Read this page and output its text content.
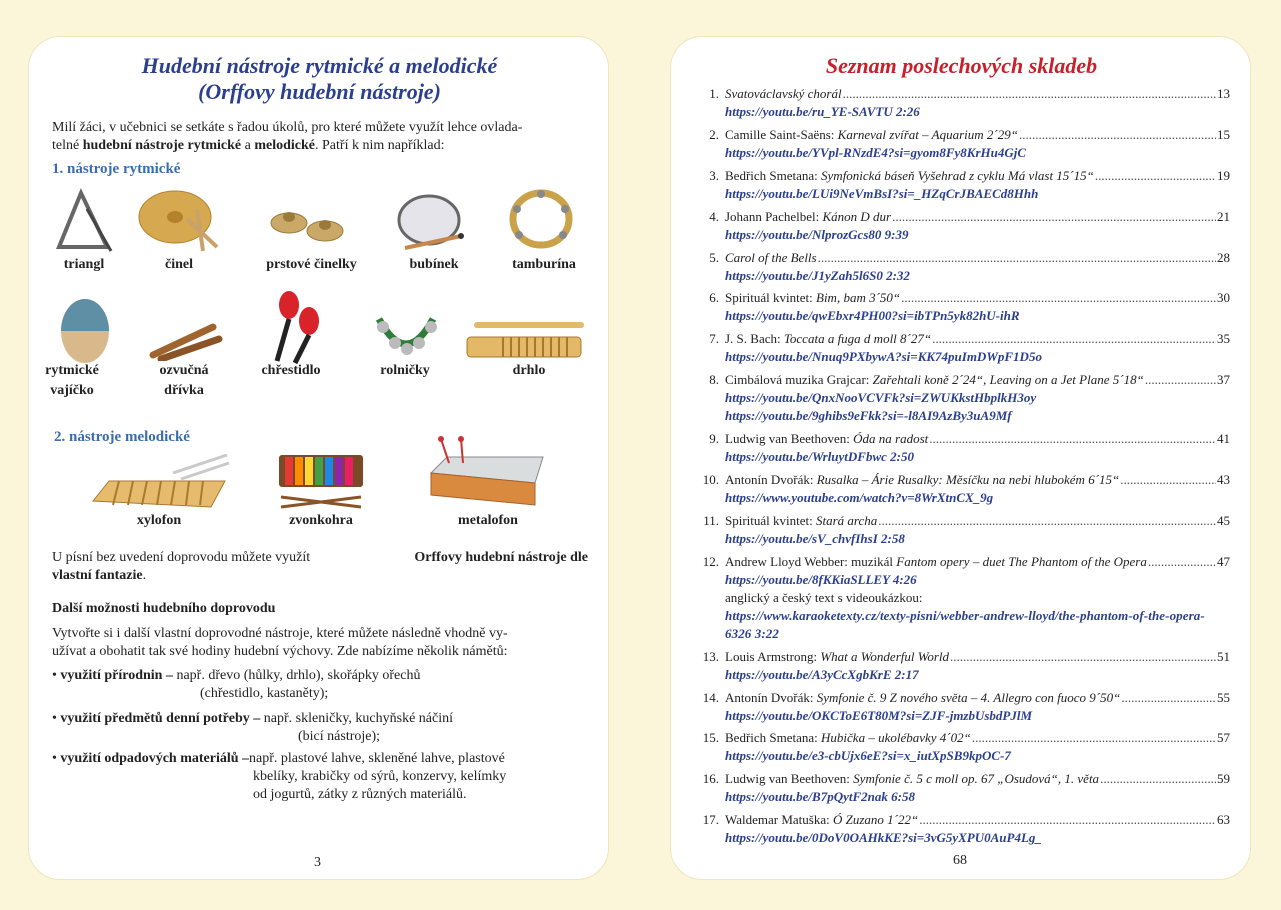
Hudební nástroje rytmické a melodické
(Orffovy hudební nástroje)
Milí žáci, v učebnici se setkáte s řadou úkolů, pro které můžete využít lehce ovlada-
telné hudební nástroje rytmické a melodické. Patří k nim například:
1. nástroje rytmické
triangl	činel	prstové činelky	bubínek	tamburína
rytmické
vajíčko
ozvučná
dřívka
chřestidlo	rolničky	drhlo
2. nástroje melodické
xylofon	zvonkohra	metalofon
U písní bez uvedení doprovodu můžete využít	Orffovy hudební nástroje dle
vlastní fantazie.
Další možnosti hudebního doprovodu
Vytvořte si i další vlastní doprovodné nástroje, které můžete následně vhodně vy-
užívat a obohatit tak své hodiny hudební výchovy. Zde nabízíme několik námětů:
• využití přírodnin – např. dřevo (hůlky, drhlo), skořápky ořechů
(chřestidlo, kastaněty);
• využití předmětů denní potřeby – např. skleničky, kuchyňské náčiní
(bicí nástroje);
• využití odpadových materiálů – např. plastové lahve, skleněné lahve, plastové
kbelíky, krabičky od sýrů, konzervy, kelímky
od jogurtů, zátky z různých materiálů.
3
Seznam poslechových skladeb
1. Svatováclavský chorál .....	13
https://youtu.be/ru_YE-SAVTU 2:26
2. Camille Saint-Saëns: Karneval zvířat – Aquarium 2´29“ .....	15
https://youtu.be/YVpl-RNzdE4?si=gyom8Fy8KrHu4GjC
3. Bedřich Smetana: Symfonická báseň Vyšehrad z cyklu Má vlast 15´15“ .....	19
https://youtu.be/LUi9NeVmBsI?si=_HZqCrJBAECd8Hhh
4. Johann Pachelbel: Kánon D dur .....	21
https://youtu.be/NlprozGcs80 9:39
5. Carol of the Bells .....	28
https://youtu.be/J1yZah5l6S0 2:32
6. Spirituál kvintet: Bim, bam 3´50“ .....	30
https://youtu.be/qwEbxr4PH00?si=ibTPn5yk82hU-ihR
7. J. S. Bach: Toccata a fuga d moll 8´27“ .....	35
https://youtu.be/Nnuq9PXbywA?si=KK74puImDWpF1D5o
8. Cimbálová muzika Grajcar: Zařehtali koně 2´24“, Leaving on a Jet Plane 5´18“ .....	37
https://youtu.be/QnxNooVCVFk?si=ZWUKkstHbplkH3oy
https://youtu.be/9ghibs9eFkk?si=-l8AI9AzBy3uA9Mf
9. Ludwig van Beethoven: Óda na radost .....	41
https://youtu.be/WrluytDFbwc 2:50
10. Antonín Dvořák: Rusalka – Árie Rusalky: Měsíčku na nebi hlubokém 6´15“ .....	43
https://www.youtube.com/watch?v=8WrXtnCX_9g
11. Spirituál kvintet: Stará archa .....	45
https://youtu.be/sV_chvfIhsI 2:58
12. Andrew Lloyd Webber: muzikál Fantom opery – duet The Phantom of the Opera .....	47
https://youtu.be/8fKKiaSLLEY 4:26
anglický a český text s videoukázkou:
https://www.karaoketexty.cz/texty-pisni/webber-andrew-lloyd/the-phantom-of-the-opera-6326 3:22
13. Louis Armstrong: What a Wonderful World .....	51
https://youtu.be/A3yCcXgbKrE 2:17
14. Antonín Dvořák: Symfonie č. 9 Z nového světa – 4. Allegro con fuoco 9´50“ .....	55
https://youtu.be/OKCToE6T80M?si=ZJF-jmzbUsbdPJlM
15. Bedřich Smetana: Hubička – ukolébavky 4´02“ .....	57
https://youtu.be/e3-cbUjx6eE?si=x_iutXpSB9kpOC-7
16. Ludwig van Beethoven: Symfonie č. 5 c moll op. 67 „Osudová“, 1. věta .....	59
https://youtu.be/B7pQytF2nak 6:58
17. Waldemar Matuška: Ó Zuzano 1´22“ .....	63
https://youtu.be/0DoV0OAHkKE?si=3vG5yXPU0AuP4Lg_
68
